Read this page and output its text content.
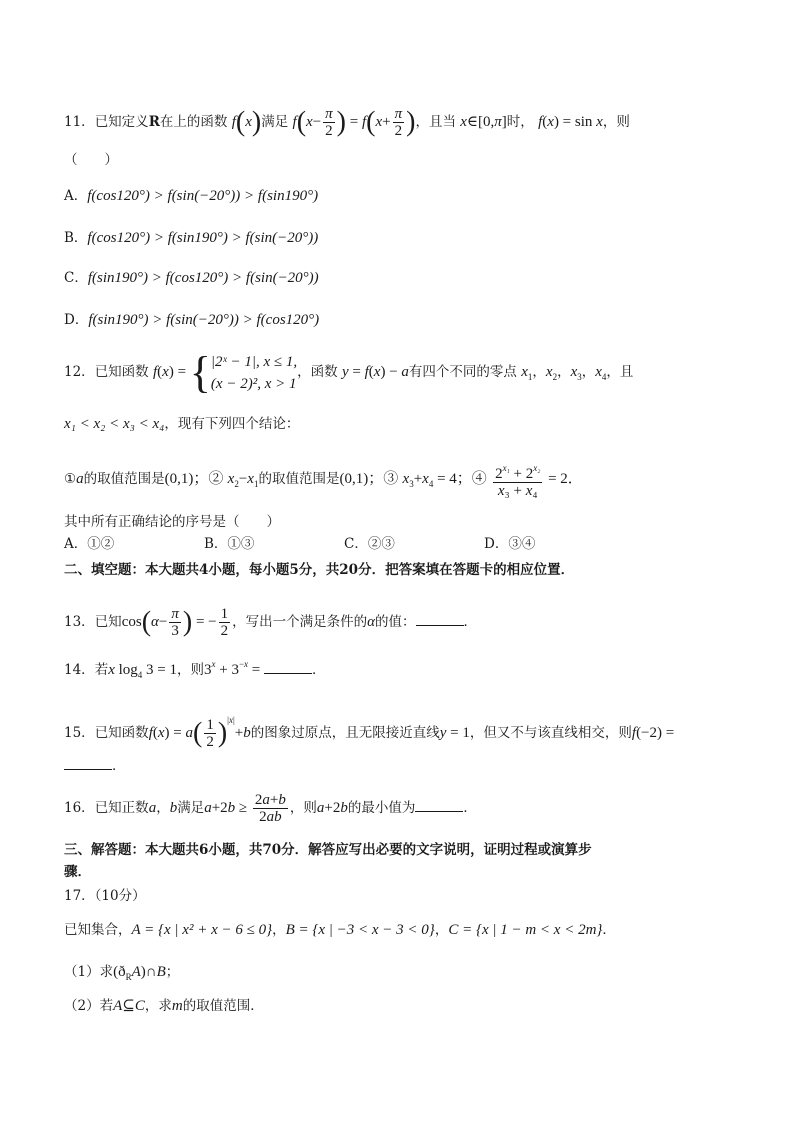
11．已知定义R在上的函数 f(x)满足 $f(x- \frac{\pi}{2}$ ) = $f(x+ \frac{\pi}{2}$ )，且当 x∈[0,π]时， f(x) = sin x，则
（　　）
A．f(cos120°) > f(sin(−20°)) > f(sin190°)
B．f(cos120°) > f(sin190°) > f(sin(−20°))
C．f(sin190°) > f(cos120°) > f(sin(−20°))
D．f(sin190°) > f(sin(−20°)) > f(cos120°)
12．已知函数 f(x) = { |2ˣ − 1|, x ≤ 1,
(x − 2)², x > 1
，函数 y = f(x) − a有四个不同的零点 $x_1$，$x_2$，$x_3$，$x_4$，且
x₁ < x₂ < x₃ < x₄，现有下列四个结论：
①a的取值范围是(0,1)；② $x_2-x_1$的取值范围是(0,1)；③ $x_3+x_4 = 4$；④ $\frac{2^{x_1} + 2^{x_2}}{\text{x₃ + x₄}} = 2$．
其中所有正确结论的序号是（　　）
A．①②	B．①③	C．②③	D．③④
二、填空题：本大题共4小题，每小题5分，共20分．把答案填在答题卡的相应位置．
13．已知$\cos(\alpha- \frac{\pi}{3}$ ) = − $\frac{1}{2}$ ，写出一个满足条件的α的值：	．
14．若x $\log_4 3 = 1$，则$3^x + 3^{-x}$ =	．
15．已知函数$f(x) = a( \frac{1}{2} )^{|x|}+b$的图象过原点，且无限接近直线y = 1，但又不与该直线相交，则f(−2) =
．
16．已知正数a，b满足$a+2b \ge \frac{2a+b}{2ab}$ ，则a+2b的最小值为	．
三、解答题：本大题共6小题，共70分．解答应写出必要的文字说明，证明过程或演算步
骤．
17．（10分）
已知集合，A = {x | x² + x − 6 ≤ 0}，B = {x | −3 < x − 3 < 0}，C = {x | 1 − m < x < 2m}．
（1）求$(ð_RA)\cap B$；
（2）若A⊆C，求m的取值范围．
